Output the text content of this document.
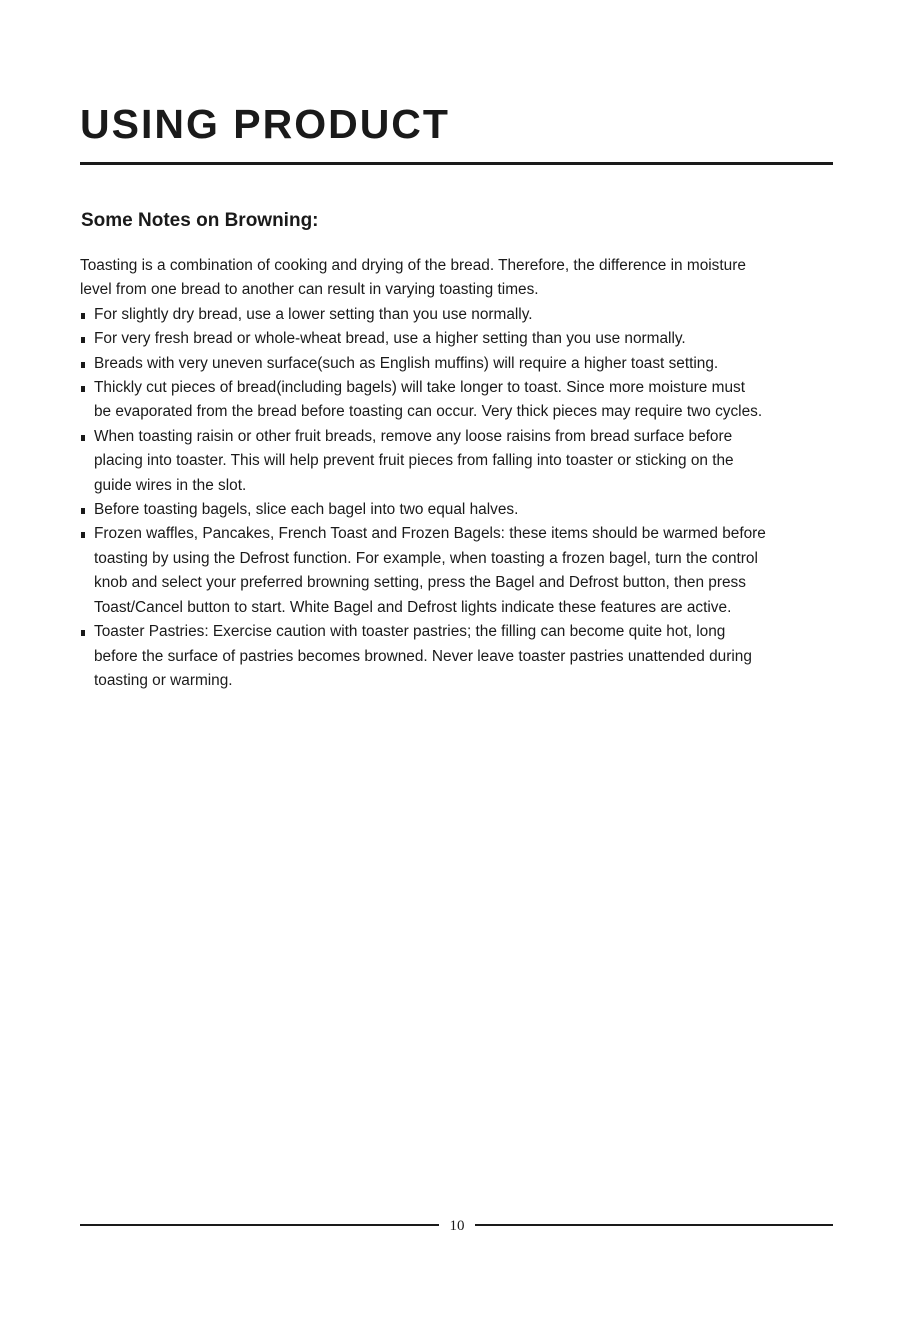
USING PRODUCT
Some Notes on Browning:

Toasting is a combination of cooking and drying of the bread. Therefore, the difference in moisture
level from one bread to another can result in varying toasting times.

For slightly dry bread, use a lower setting than you use normally.
For very fresh bread or whole-wheat bread, use a higher setting than you use normally.
Breads with very uneven surface(such as English muffins) will require a higher toast setting.
Thickly cut pieces of bread(including bagels) will take longer to toast. Since more moisture must
be evaporated from the bread before toasting can occur. Very thick pieces may require two cycles.
When toasting raisin or other fruit breads, remove any loose raisins from bread surface before
placing into toaster. This will help prevent fruit pieces from falling into toaster or sticking on the
guide wires in the slot.
Before toasting bagels, slice each bagel into two equal halves.
Frozen waffles, Pancakes, French Toast and Frozen Bagels: these items should be warmed before
toasting by using the Defrost function. For example, when toasting a frozen bagel, turn the control
knob and select your preferred browning setting, press the Bagel and Defrost button, then press
Toast/Cancel button to start. White Bagel and Defrost lights indicate these features are active.
Toaster Pastries: Exercise caution with toaster pastries; the filling can become quite hot, long
before the surface of pastries becomes browned. Never leave toaster pastries unattended during
toasting or warming.
10
